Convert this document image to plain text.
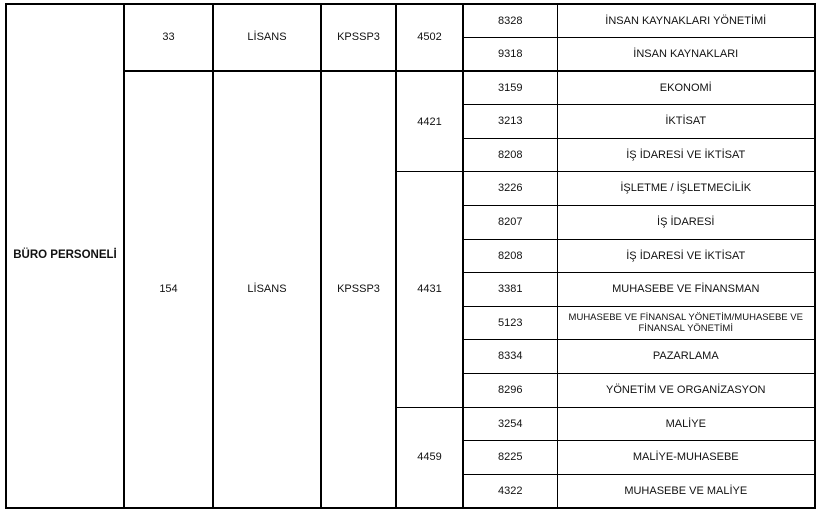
BÜRO PERSONELİ	33	LİSANS	KPSSP3	4502	8328	İNSAN KAYNAKLARI YÖNETİMİ
					9318	İNSAN KAYNAKLARI
	154	LİSANS	KPSSP3	4421	3159	EKONOMİ
					3213	İKTİSAT
					8208	İŞ İDARESİ VE İKTİSAT
				4431	3226	İŞLETME / İŞLETMECİLİK
					8207	İŞ İDARESİ
					8208	İŞ İDARESİ VE İKTİSAT
					3381	MUHASEBE VE FİNANSMAN
					5123	MUHASEBE VE FİNANSAL YÖNETİM/MUHASEBE VE FİNANSAL YÖNETİMİ
					8334	PAZARLAMA
					8296	YÖNETİM VE ORGANİZASYON
				4459	3254	MALİYE
					8225	MALİYE-MUHASEBE
					4322	MUHASEBE VE MALİYE
